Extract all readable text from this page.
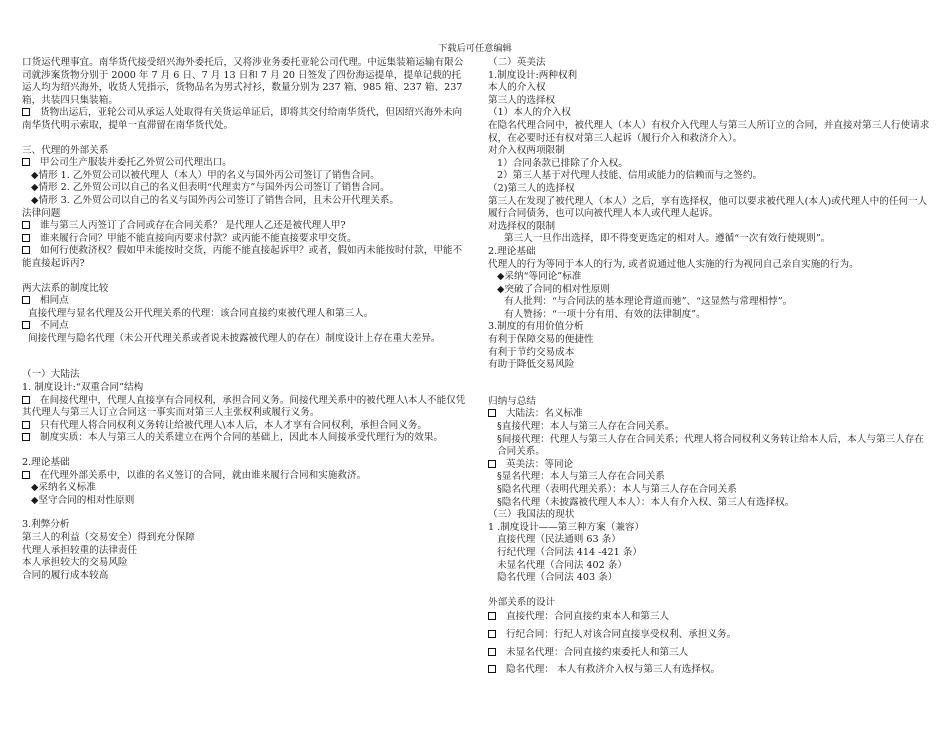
下载后可任意编辑

口货运代理事宜。南华货代接受绍兴海外委托后，又将涉业务委托亚轮公司代理。中远集装箱运输有限公司就涉案货物分别于 2000 年 7 月 6 日、7 月 13 日和 7 月 20 日签发了四份海运提单，提单记载的托运人均为绍兴海外，收货人凭指示，货物品名为男式衬衫，数量分别为 237 箱、985 箱、237 箱、237 箱，共装四只集装箱。

货物出运后，亚轮公司从承运人处取得有关货运单证后，即将其交付给南华货代，但因绍兴海外未向南华货代明示索取，提单一直滞留在南华货代处。

三、代理的外部关系

甲公司生产服装并委托乙外贸公司代理出口。

◆情形 1. 乙外贸公司以被代理人（本人）甲的名义与国外丙公司签订了销售合同。

◆情形 2. 乙外贸公司以自己的名义但表明“代理卖方”与国外丙公司签订了销售合同。

◆情形 3. 乙外贸公司以自己的名义与国外丙公司签订了销售合同，且未公开代理关系。

法律问题

谁与第三人丙签订了合同或存在合同关系？ 是代理人乙还是被代理人甲?

谁来履行合同？甲能不能直接向丙要求付款？或丙能不能直接要求甲交货。

如何行使救济权？假如甲未能按时交货，丙能不能直接起诉甲？或者，假如丙未能按时付款，甲能不能直接起诉丙?

两大法系的制度比较

相同点

直接代理与显名代理及公开代理关系的代理：该合同直接约束被代理人和第三人。

不同点

间接代理与隐名代理（未公开代理关系或者说未披露被代理人的存在）制度设计上存在重大差异。

（一）大陆法

1. 制度设计:“双重合同”结构

在间接代理中，代理人直接享有合同权利，承担合同义务。间接代理关系中的被代理人\本人不能仅凭其代理人与第三人订立合同这一事实而对第三人主张权利或履行义务。

只有代理人将合同权利义务转让给被代理人\本人后，本人才享有合同权利，承担合同义务。

制度实质：本人与第三人的关系建立在两个合同的基础上，因此本人间接承受代理行为的效果。

2.理论基础

在代理外部关系中，以谁的名义签订的合同，就由谁来履行合同和实施救济。

◆采纳名义标准

◆坚守合同的相对性原则

3.利弊分析

第三人的利益（交易安全）得到充分保障

代理人承担较重的法律责任

本人承担较大的交易风险

合同的履行成本较高

（二）英美法

1.制度设计:两种权利

本人的介入权

第三人的选择权

（1）本人的介入权

在隐名代理合同中，被代理人（本人）有权介入代理人与第三人所订立的合同，并直接对第三人行使请求权，在必要时还有权对第三人起诉（履行介入和救济介入）。

对介入权两项限制

1）合同条款已排除了介入权。

2）第三人基于对代理人技能、信用或能力的信赖而与之签约。

（2)第三人的选择权

第三人在发现了被代理人（本人）之后，享有选择权，他可以要求被代理人(本人)或代理人中的任何一人履行合同债务，也可以向被代理人本人或代理人起诉。

对选择权的限制

第三人一旦作出选择，即不得变更选定的相对人。遵循“一次有效行使规则”。

2.理论基础

代理人的行为等同于本人的行为, 或者说通过他人实施的行为视同自己亲自实施的行为。

◆采纳“等同论”标准

◆突破了合同的相对性原则

有人批判：“与合同法的基本理论背道而驰”、“这显然与常理相悖”。

有人赞扬：“一项十分有用、有效的法律制度”。

3.制度的有用价值分析

有利于保障交易的便捷性

有利于节约交易成本

有助于降低交易风险

归纳与总结

大陆法：名义标准

§直接代理：本人与第三人存在合同关系。

§间接代理：代理人与第三人存在合同关系；代理人将合同权利义务转让给本人后，本人与第三人存在合同关系。

英美法：等同论

§显名代理：本人与第三人存在合同关系

§隐名代理（表明代理关系）：本人与第三人存在合同关系

§隐名代理（未披露被代理人本人）：本人有介入权、第三人有选择权。

（三）我国法的现状

1 .制度设计——第三种方案（兼容）

直接代理（民法通则 63 条）

行纪代理（合同法 414 -421 条）

未显名代理（合同法 402 条）

隐名代理（合同法 403 条）

外部关系的设计

直接代理：合同直接约束本人和第三人

行纪合同：行纪人对该合同直接享受权利、承担义务。

未显名代理：合同直接约束委托人和第三人

隐名代理： 本人有救济介入权与第三人有选择权。
